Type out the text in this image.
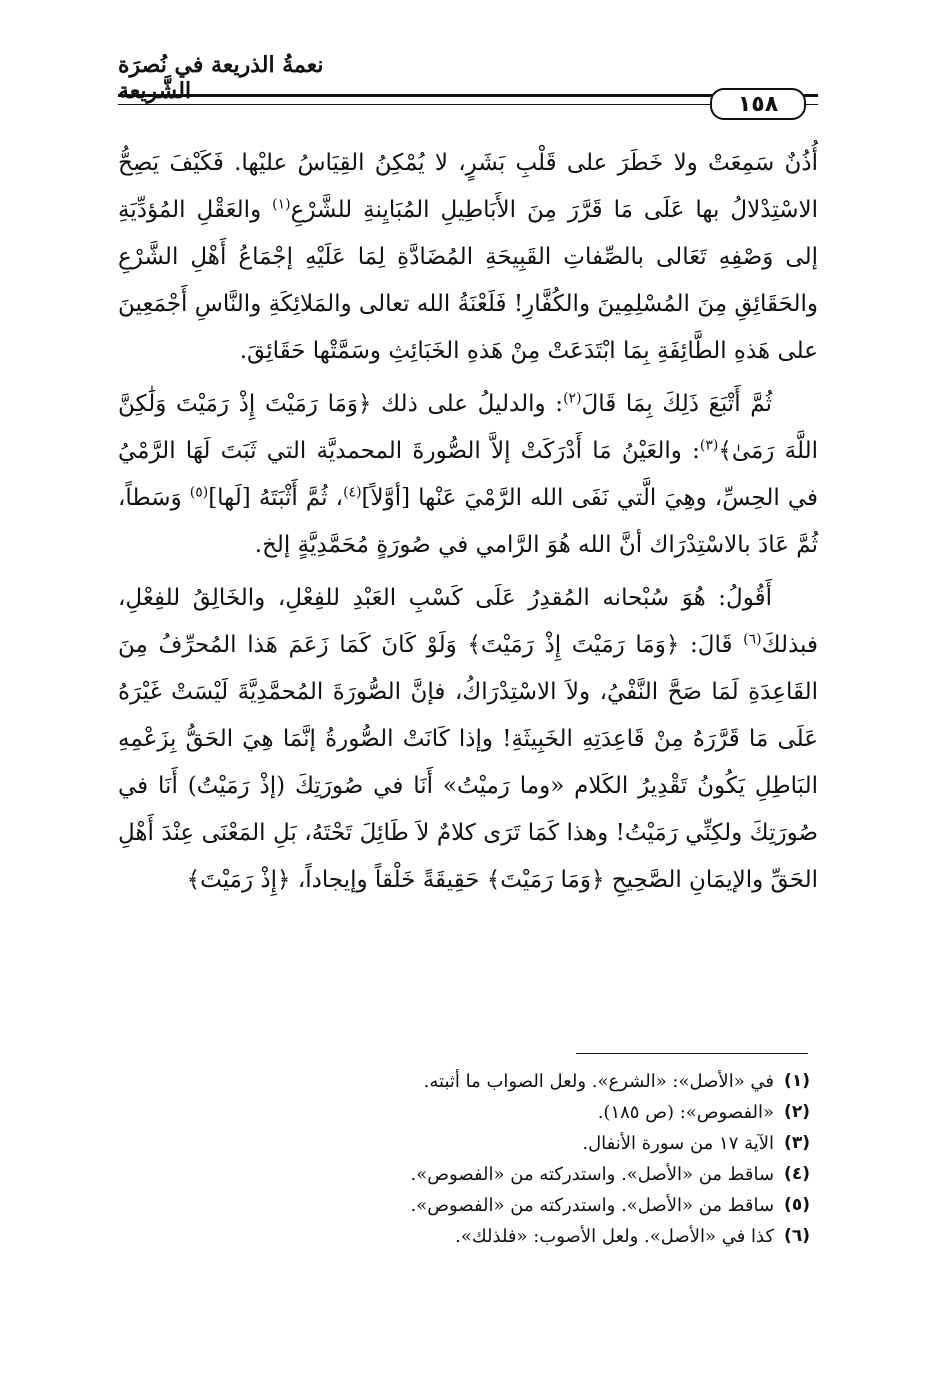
نعمةُ الذريعة في نُصرَة الشَّريعة	١٥٨

أُذُنٌ سَمِعَتْ ولا خَطَرَ على قَلْبِ بَشَرٍ، لا يُمْكِنُ القِيَاسُ عليْها. فَكَيْفَ يَصِحُّ الاسْتِدْلالُ بها عَلَى مَا قَرَّرَ مِنَ الأَبَاطِيلِ المُبَايِنةِ للشَّرْعِ$^{(١)}$ والعَقْلِ المُؤدِّيَةِ إلى وَصْفِهِ تَعَالى بالصِّفاتِ القَبِيحَةِ المُضَادَّةِ لِمَا عَلَيْهِ إجْمَاعُ أَهْلِ الشَّرْعِ والحَقَائِقِ مِنَ المُسْلِمِينَ والكُفَّارِ! فَلَعْنَةُ الله تعالى والمَلائِكَةِ والنَّاسِ أَجْمَعِينَ على هَذهِ الطَّائِفَةِ بِمَا ابْتَدَعَتْ مِنْ هَذهِ الخَبَائِثِ وسَمَّتْها حَقَائِقَ.

ثُمَّ أَتْبَعَ ذَلِكَ بِمَا قَالَ$^{(٢)}$: والدليلُ على ذلك ﴿وَمَا رَمَيْتَ إِذْ رَمَيْتَ وَلَٰكِنَّ اللَّهَ رَمَىٰ﴾$^{(٣)}$: والعَيْنُ مَا أَدْرَكَتْ إلاَّ الصُّورةَ المحمديَّة التي ثَبَتَ لَهَا الرَّمْيُ في الحِسِّ، وهِيَ الَّتي نَفَى الله الرَّمْيَ عَنْها [أوَّلاً]$^{(٤)}$، ثُمَّ أَثْبَتَهُ [لَها]$^{(٥)}$ وَسَطاً، ثُمَّ عَادَ بالاسْتِدْرَاك أنَّ الله هُوَ الرَّامي في صُورَةٍ مُحَمَّدِيَّةٍ إلخ.

أَقُولُ: هُوَ سُبْحانه المُقدِرُ عَلَى كَسْبِ العَبْدِ للفِعْلِ، والخَالِقُ للفِعْلِ، فبذلكَ$^{(٦)}$ قَالَ: ﴿وَمَا رَمَيْتَ إِذْ رَمَيْتَ﴾ وَلَوْ كَانَ كَمَا زَعَمَ هَذا المُحرِّفُ مِنَ القَاعِدَةِ لَمَا صَحَّ النَّفْيُ، ولاَ الاسْتِدْرَاكُ، فإنَّ الصُّورَةَ المُحمَّدِيَّةَ لَيْسَتْ غَيْرَهُ عَلَى مَا قَرَّرَهُ مِنْ قَاعِدَتِهِ الخَبِيثَةِ! وإذا كَانَتْ الصُّورةُ إنَّمَا هِيَ الحَقُّ بِزَعْمِهِ البَاطِلِ يَكُونُ تَقْدِيرُ الكَلام «وما رَميْتُ» أَنَا في صُورَتِكَ (إذْ رَمَيْتُ) أَنَا في صُورَتِكَ ولكِنِّي رَمَيْتُ! وهذا كَمَا تَرَى كلامٌ لاَ طَائِلَ تَحْتَهُ، بَلِ المَعْنَى عِنْدَ أَهْلِ الحَقِّ والإيمَانِ الصَّحِيحِ ﴿وَمَا رَمَيْتَ﴾ حَقِيقَةً خَلْقاً وإيجاداً، ﴿إِذْ رَمَيْتَ﴾

(١)
في «الأصل»: «الشرع». ولعل الصواب ما أثبته.
(٢)
«الفصوص»: (ص ١٨٥).
(٣)
الآية ١٧ من سورة الأنفال.
(٤)
ساقط من «الأصل». واستدركته من «الفصوص».
(٥)
ساقط من «الأصل». واستدركته من «الفصوص».
(٦)
كذا في «الأصل». ولعل الأصوب: «فلذلك».
